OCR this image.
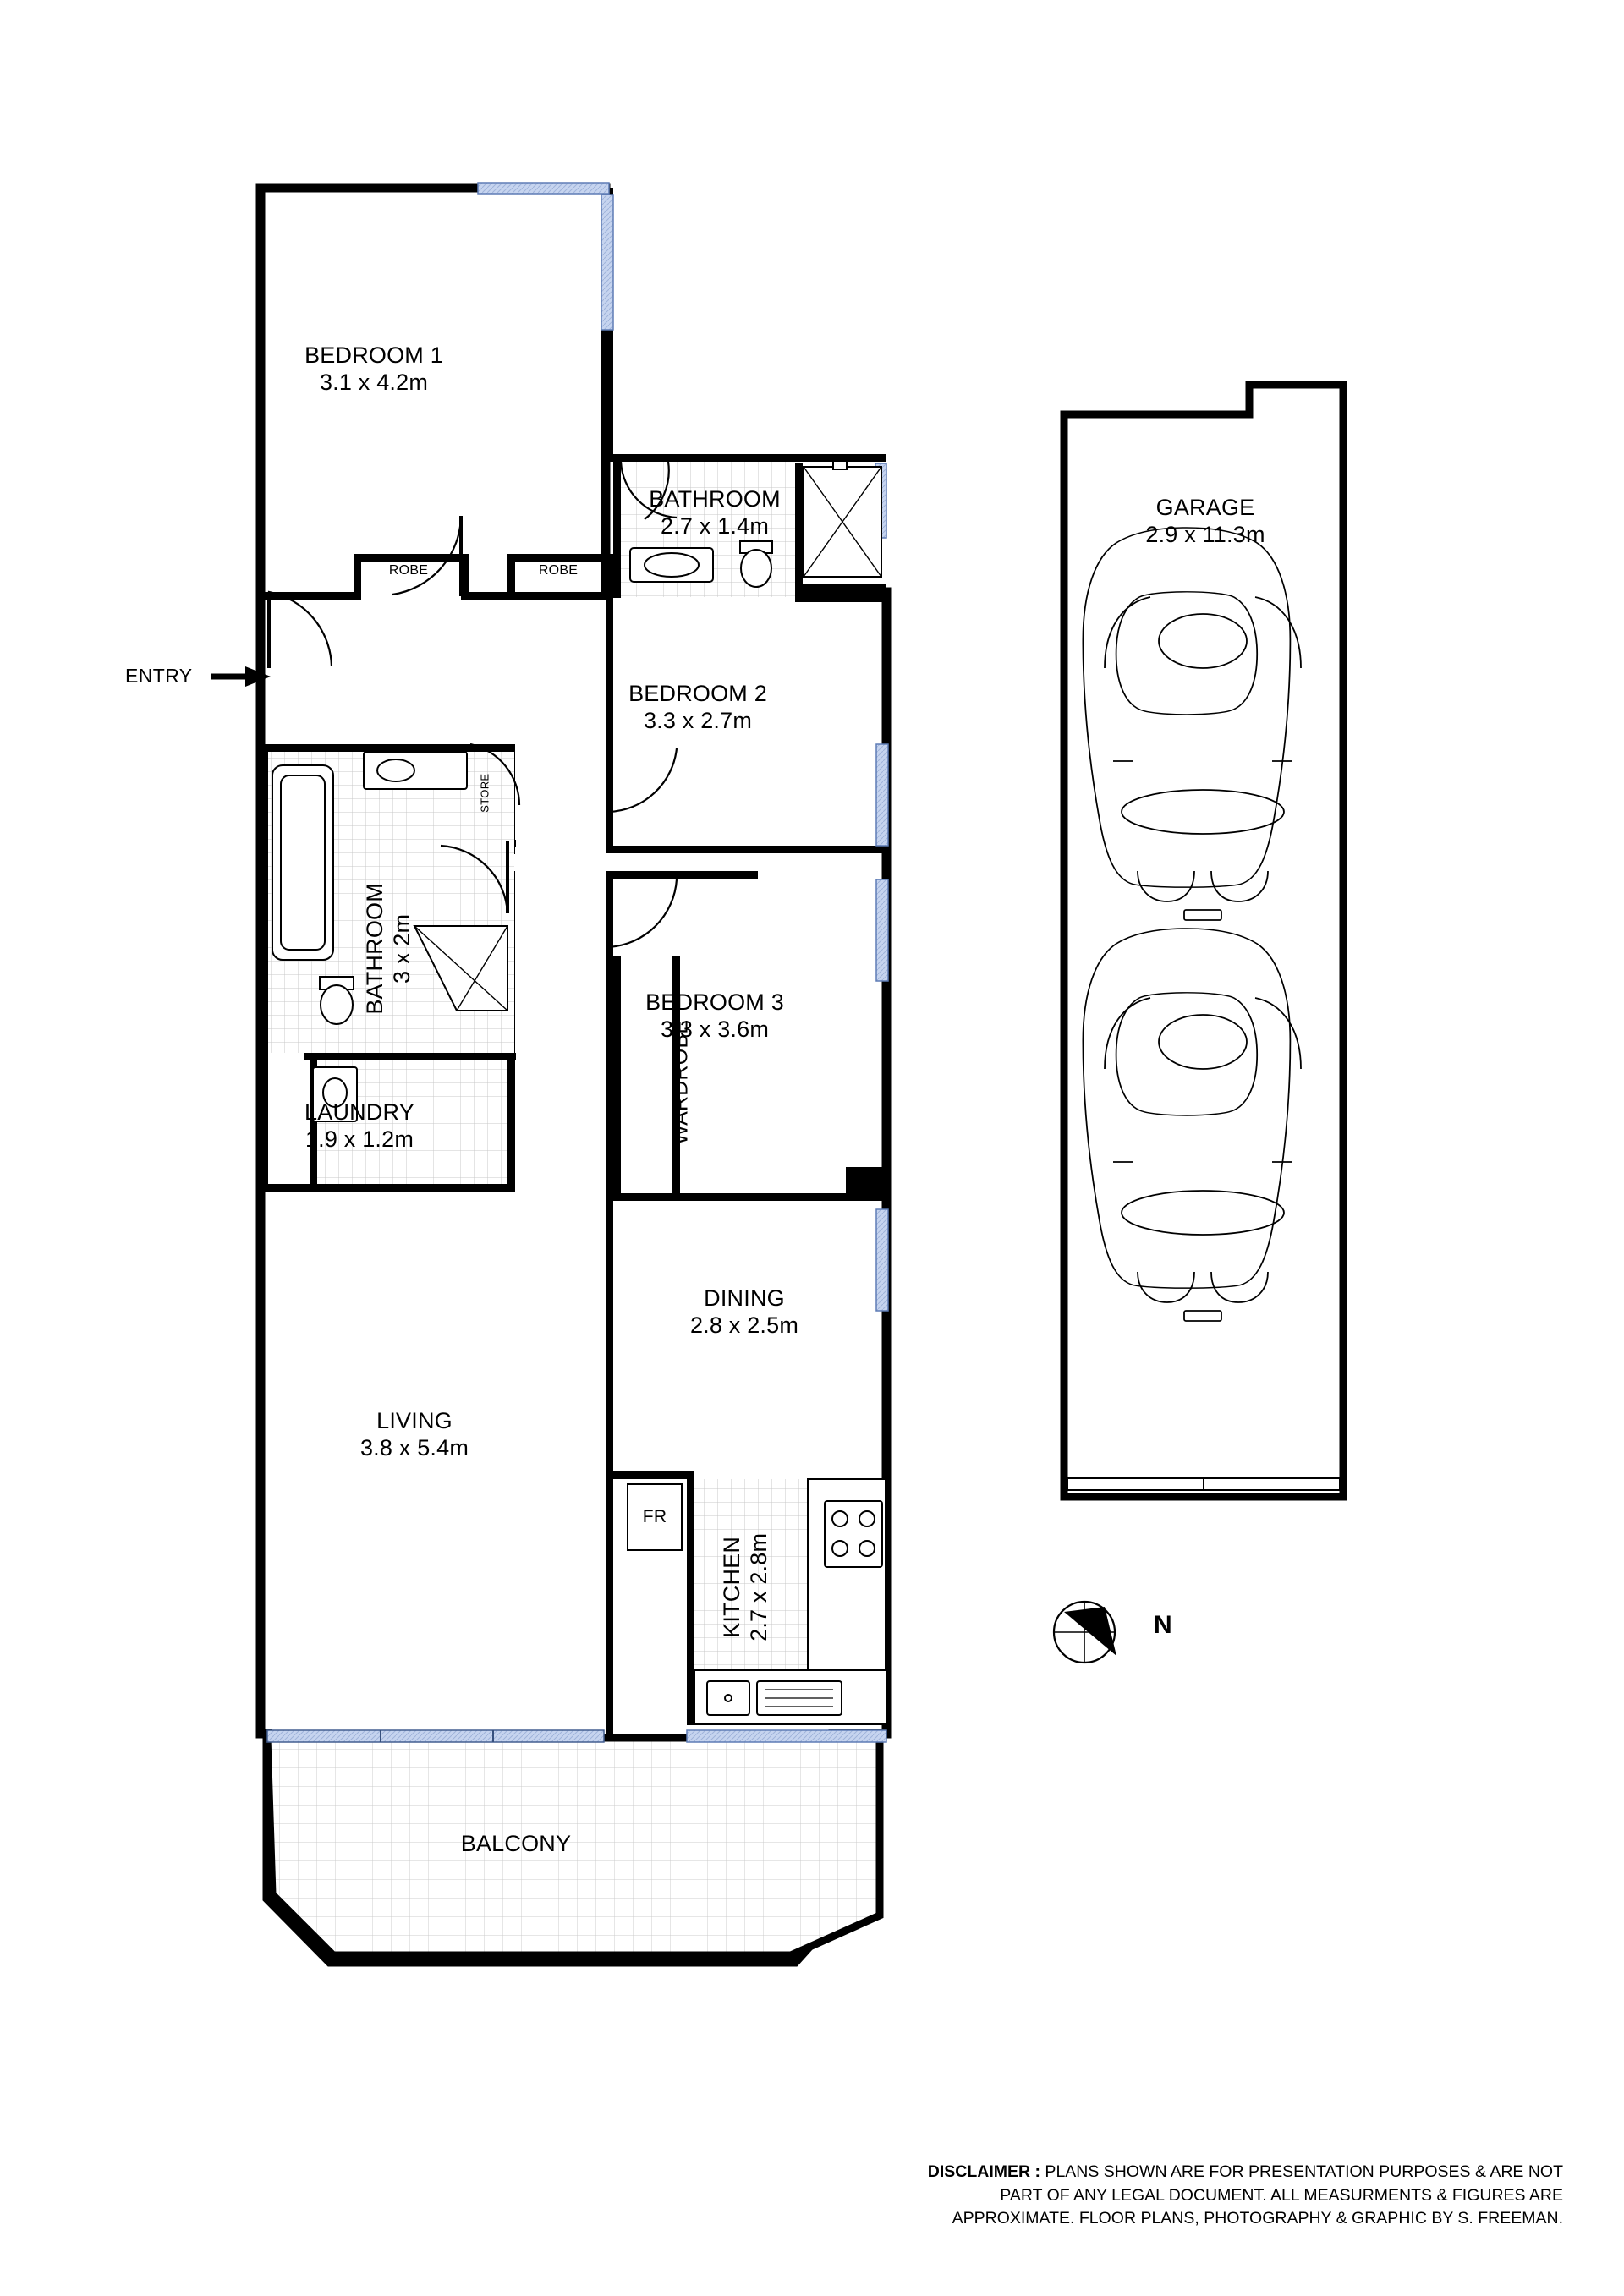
BEDROOM 1
3.1 x 4.2m
BATHROOM
2.7 x 1.4m
BEDROOM 2
3.3 x 2.7m
BATHROOM 3 x 2m
BEDROOM 3
3.3 x 3.6m
LAUNDRY
1.9 x 1.2m
DINING
2.8 x 2.5m
LIVING
3.8 x 5.4m
KITCHEN 2.7 x 2.8m
BALCONY
GARAGE
2.9 x 11.3m
ENTRY
ROBE	ROBE
STORE
WARDROBE
FR
N
DISCLAIMER : PLANS SHOWN ARE FOR PRESENTATION PURPOSES & ARE NOT
PART OF ANY LEGAL DOCUMENT. ALL MEASURMENTS & FIGURES ARE
APPROXIMATE. FLOOR PLANS, PHOTOGRAPHY & GRAPHIC BY S. FREEMAN.
